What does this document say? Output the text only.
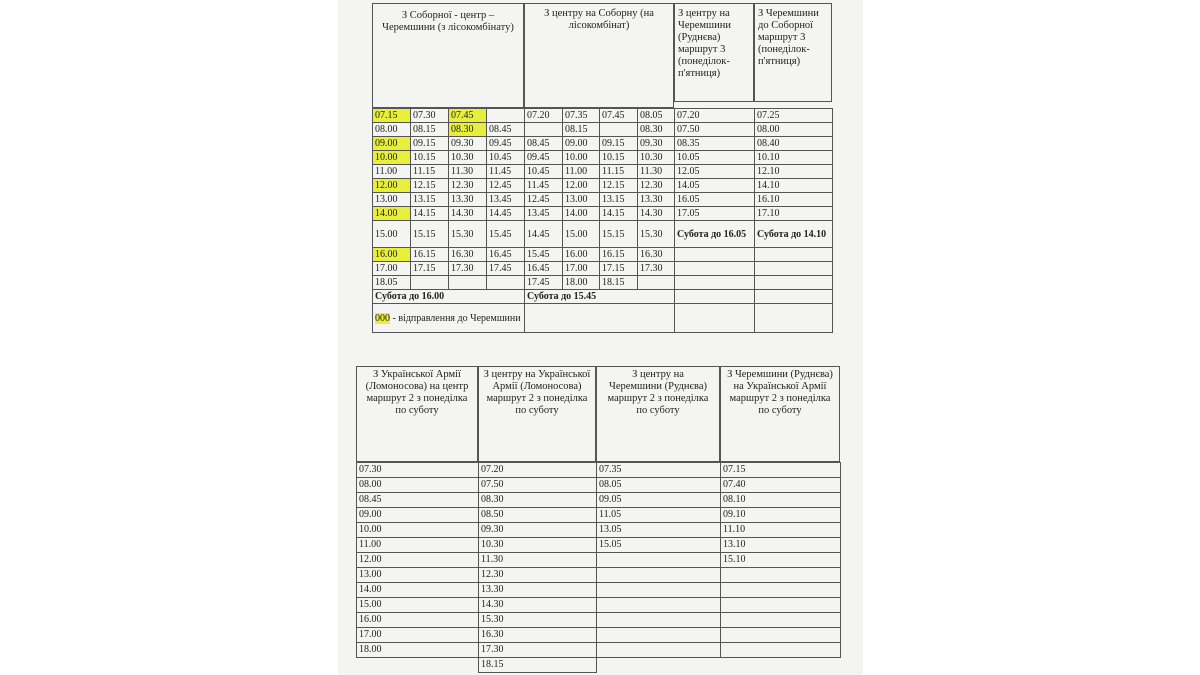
З Соборної - центр – Черемшини (з лісокомбінату)
З центру на Соборну (на лісокомбінат)
З центру на Черемшини (Руднєва) маршрут 3 (понеділок-п'ятниця)
З Черемшини до Соборної маршрут 3 (понеділок-п'ятниця)
07.15	07.30	07.45		07.20	07.35	07.45	08.05	07.20	07.25
08.00	08.15	08.30	08.45		08.15		08.30	07.50	08.00
09.00	09.15	09.30	09.45	08.45	09.00	09.15	09.30	08.35	08.40
10.00	10.15	10.30	10.45	09.45	10.00	10.15	10.30	10.05	10.10
11.00	11.15	11.30	11.45	10.45	11.00	11.15	11.30	12.05	12.10
12.00	12.15	12.30	12.45	11.45	12.00	12.15	12.30	14.05	14.10
13.00	13.15	13.30	13.45	12.45	13.00	13.15	13.30	16.05	16.10
14.00	14.15	14.30	14.45	13.45	14.00	14.15	14.30	17.05	17.10
15.00	15.15	15.30	15.45	14.45	15.00	15.15	15.30	Субота до 16.05	Субота до 14.10
16.00	16.15	16.30	16.45	15.45	16.00	16.15	16.30		
17.00	17.15	17.30	17.45	16.45	17.00	17.15	17.30		
18.05				17.45	18.00	18.15			
Субота до 16.00				Субота до 15.45					
000 - відправлення до Черемшини									
З Української Армії (Ломоносова) на центр маршрут 2 з понеділка по суботу
З центру на Української Армії (Ломоносова) маршрут 2 з понеділка по суботу
З центру на Черемшини (Руднєва) маршрут 2 з понеділка по суботу
З Черемшини (Руднєва) на Української Армії маршрут 2 з понеділка по суботу
07.30	07.20	07.35	07.15
08.00	07.50	08.05	07.40
08.45	08.30	09.05	08.10
09.00	08.50	11.05	09.10
10.00	09.30	13.05	11.10
11.00	10.30	15.05	13.10
12.00	11.30		15.10
13.00	12.30		
14.00	13.30		
15.00	14.30		
16.00	15.30		
17.00	16.30		
18.00	17.30		
	18.15		
